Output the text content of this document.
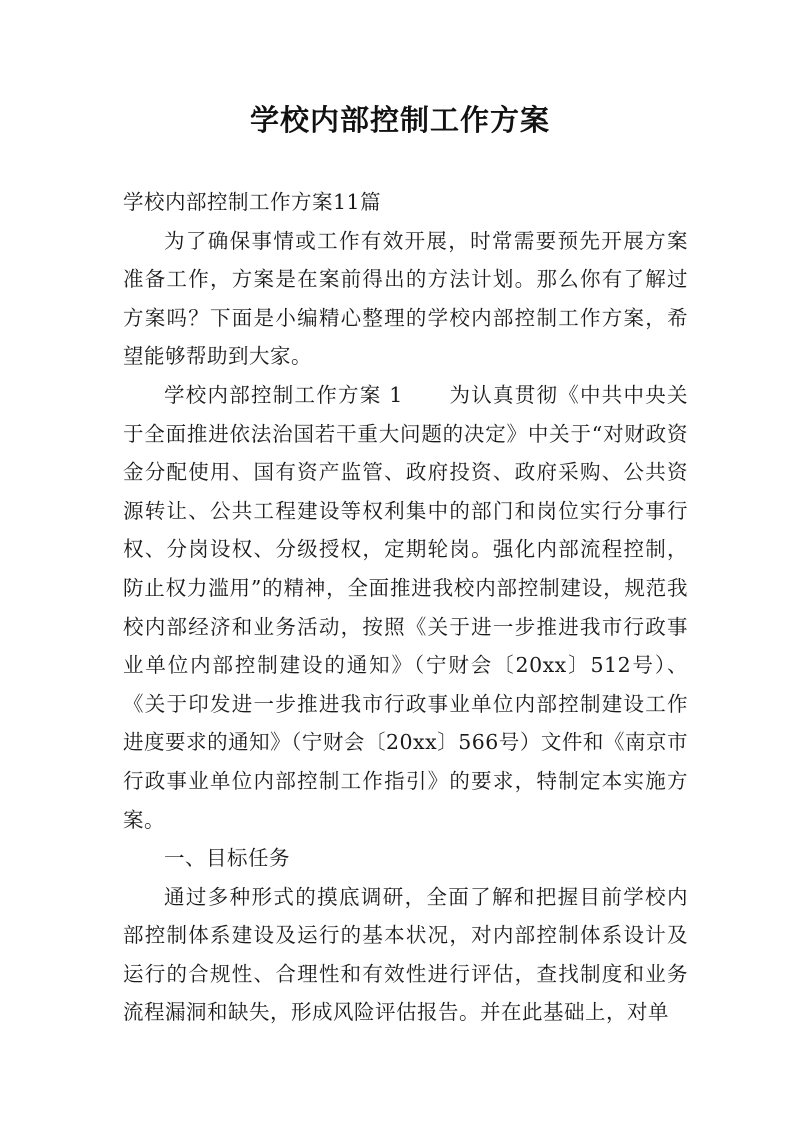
学校内部控制工作方案

学校内部控制工作方案11篇

为了确保事情或工作有效开展，时常需要预先开展方案准备工作，方案是在案前得出的方法计划。那么你有了解过方案吗？下面是小编精心整理的学校内部控制工作方案，希望能够帮助到大家。

学校内部控制工作方案 1 为认真贯彻《中共中央关于全面推进依法治国若干重大问题的决定》中关于“对财政资金分配使用、国有资产监管、政府投资、政府采购、公共资源转让、公共工程建设等权利集中的部门和岗位实行分事行权、分岗设权、分级授权，定期轮岗。强化内部流程控制，防止权力滥用”的精神，全面推进我校内部控制建设，规范我校内部经济和业务活动，按照《关于进一步推进我市行政事业单位内部控制建设的通知》（宁财会〔20xx〕512号）、《关于印发进一步推进我市行政事业单位内部控制建设工作进度要求的通知》（宁财会〔20xx〕566号）文件和《南京市行政事业单位内部控制工作指引》的要求，特制定本实施方案。

一、目标任务

通过多种形式的摸底调研，全面了解和把握目前学校内部控制体系建设及运行的基本状况，对内部控制体系设计及运行的合规性、合理性和有效性进行评估，查找制度和业务流程漏洞和缺失，形成风险评估报告。并在此基础上，对单
